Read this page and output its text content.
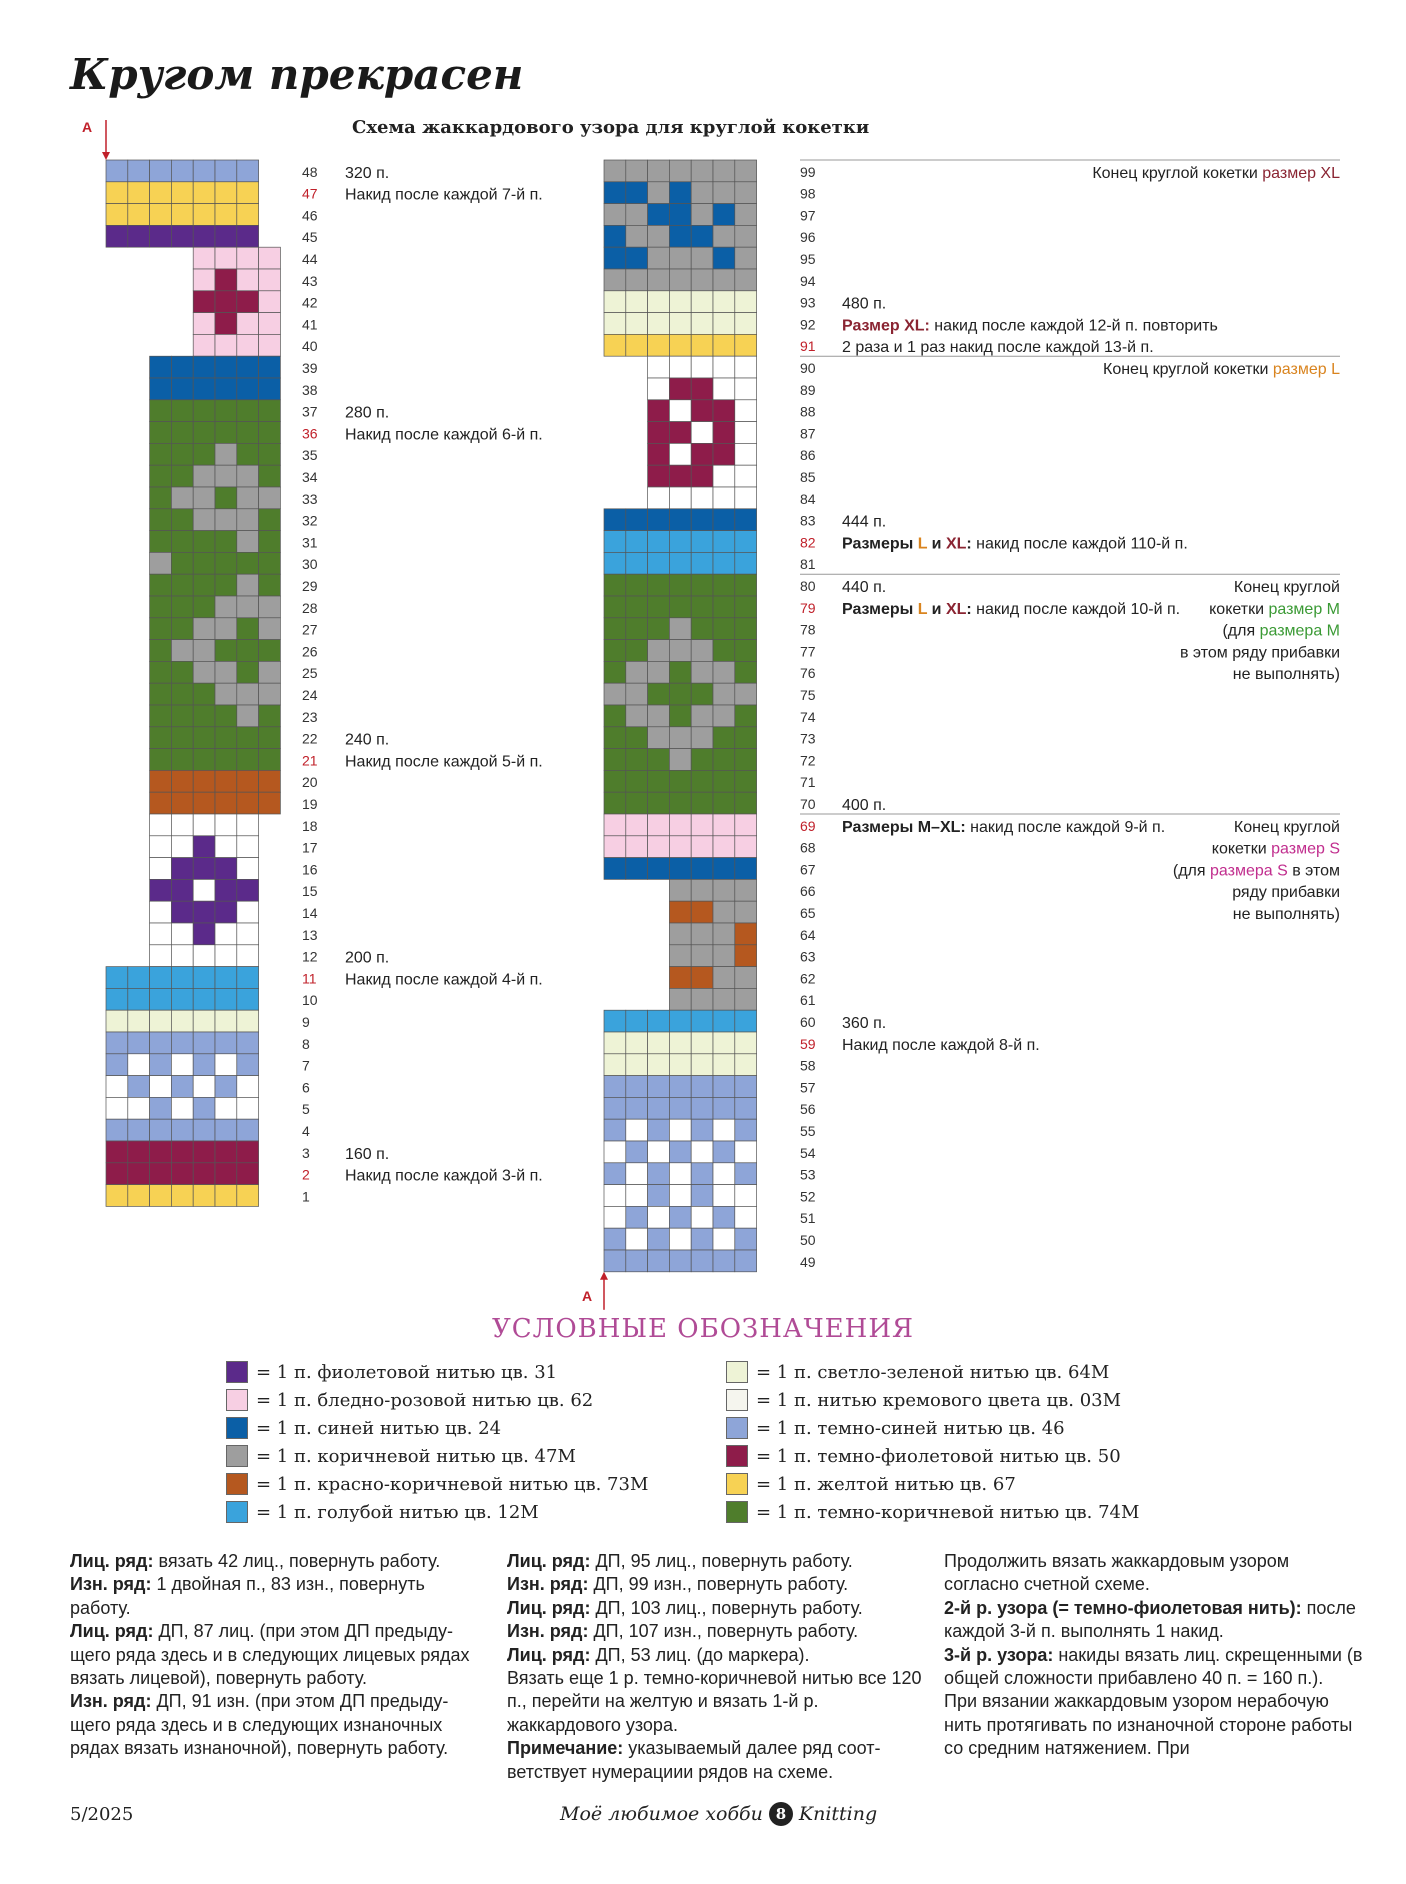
Кругом прекрасен
Схема жаккардового узора для круглой кокетки
48 320 п.
47 Накид после каждой 7-й п.
46
45
44
43
42
41
40
39
38
37 280 п.
36 Накид после каждой 6-й п.
35
34
33
32
31
30
29
28
27
26
25
24
23
22 240 п.
21 Накид после каждой 5-й п.
20
19
18
17
16
15
14
13
12 200 п.
11 Накид после каждой 4-й п.
10
9
8
7
6
5
4
3 160 п.
2 Накид после каждой 3-й п.
1
99
98
97
96
95
94
93 480 п.
92
91 2 раза и 1 раз накид после каждой 13-й п.
90
89
88
87
86
85
84
83 444 п.
82
81
80 440 п.
79
78
77
76
75
74
73
72
71
70 400 п.
69
68
67
66
65
64
63
62
61
60 360 п.
59 Накид после каждой 8-й п.
58
57
56
55
54
53
52
51
50
49
Размер XL: накид после каждой 12-й п. повторить
Размеры L и XL: накид после каждой 110-й п.
Размеры L и XL: накид после каждой 10-й п.
Размеры M–XL: накид после каждой 9-й п.
Конец круглой кокетки размер XL
Конец круглой кокетки размер L
Конец круглой
кокетки размер M
(для размера M
в этом ряду прибавки
не выполнять)
Конец круглой
кокетки размер S
(для размера S в этом
ряду прибавки
не выполнять)
А
А
УСЛОВНЫЕ ОБОЗНАЧЕНИЯ
= 1 п. фиолетовой нитью цв. 31
= 1 п. бледно-розовой нитью цв. 62
= 1 п. синей нитью цв. 24
= 1 п. коричневой нитью цв. 47М
= 1 п. красно-коричневой нитью цв. 73М
= 1 п. голубой нитью цв. 12М
= 1 п. светло-зеленой нитью цв. 64М
= 1 п. нитью кремового цвета цв. 03М
= 1 п. темно-синей нитью цв. 46
= 1 п. темно-фиолетовой нитью цв. 50
= 1 п. желтой нитью цв. 67
= 1 п. темно-коричневой нитью цв. 74М

Лиц. ряд: вязать 42 лиц., повернуть работу.

Изн. ряд: 1 двойная п., 83 изн., повернуть работу.

Лиц. ряд: ДП, 87 лиц. (при этом ДП предыдущего ряда здесь и в следующих лицевых рядах вязать лицевой), повернуть работу.

Изн. ряд: ДП, 91 изн. (при этом ДП предыдущего ряда здесь и в следующих изнаночных рядах вязать изнаночной), повернуть работу.

Лиц. ряд: ДП, 95 лиц., повернуть работу.

Изн. ряд: ДП, 99 изн., повернуть работу.

Лиц. ряд: ДП, 103 лиц., повернуть работу.

Изн. ряд: ДП, 107 изн., повернуть работу.

Лиц. ряд: ДП, 53 лиц. (до маркера).

Вязать еще 1 р. темно-коричневой нитью все 120 п., перейти на желтую и вязать 1-й р. жаккардового узора.

Примечание: указываемый далее ряд соответствует нумерациии рядов на схеме.

Продолжить вязать жаккардовым узором согласно счетной схеме.

2-й р. узора (= темно-фиолетовая нить): после каждой 3-й п. выполнять 1 накид.

3-й р. узора: накиды вязать лиц. скрещенными (в общей сложности прибавлено 40 п. = 160 п.).

При вязании жаккардовым узором нерабочую нить протягивать по изнаночной стороне работы со средним натяжением. При

5/2025	Моё любимое хобби 8 Knitting
